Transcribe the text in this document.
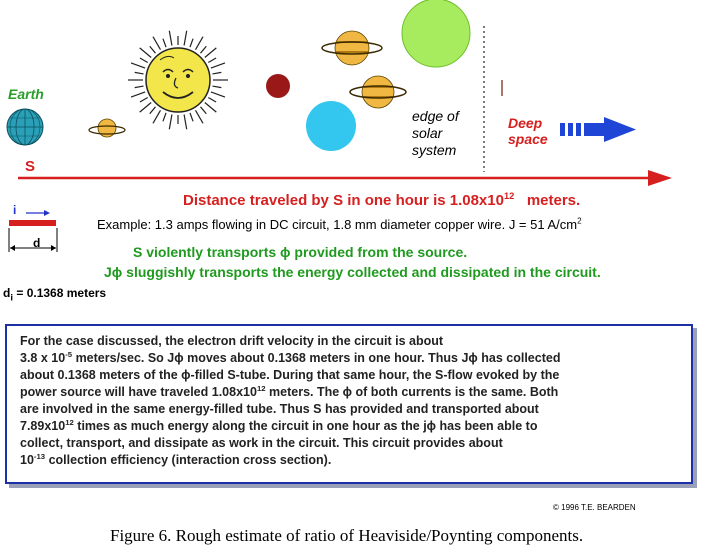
Earth
S
edge of
solar
system
Deep
space
Distance traveled by S in one hour is $1.08x10^{12}$ meters.
i
d
Example: 1.3 amps flowing in DC circuit, 1.8 mm diameter copper wire. J = 51 $A/cm^2$
S violently transports ϕ provided from the source.
Jϕ sluggishly transports the energy collected and dissipated in the circuit.
$d_i = 0.1368$ meters
For the case discussed, the electron drift velocity in the circuit is about
3.8 x $10^{-5}$ meters/sec. So Jϕ moves about 0.1368 meters in one hour. Thus Jϕ has collected
about 0.1368 meters of the ϕ-filled S-tube. During that same hour, the S-flow evoked by the
power source will have traveled $1.08x10^{12}$ meters. The ϕ of both currents is the same. Both
are involved in the same energy-filled tube. Thus S has provided and transported about
$7.89x10^{12}$ times as much energy along the circuit in one hour as the jϕ has been able to
collect, transport, and dissipate as work in the circuit. This circuit provides about
$10^{-13}$ collection efficiency (interaction cross section).
© 1996 T.E. BEARDEN
Figure 6. Rough estimate of ratio of Heaviside/Poynting components.
